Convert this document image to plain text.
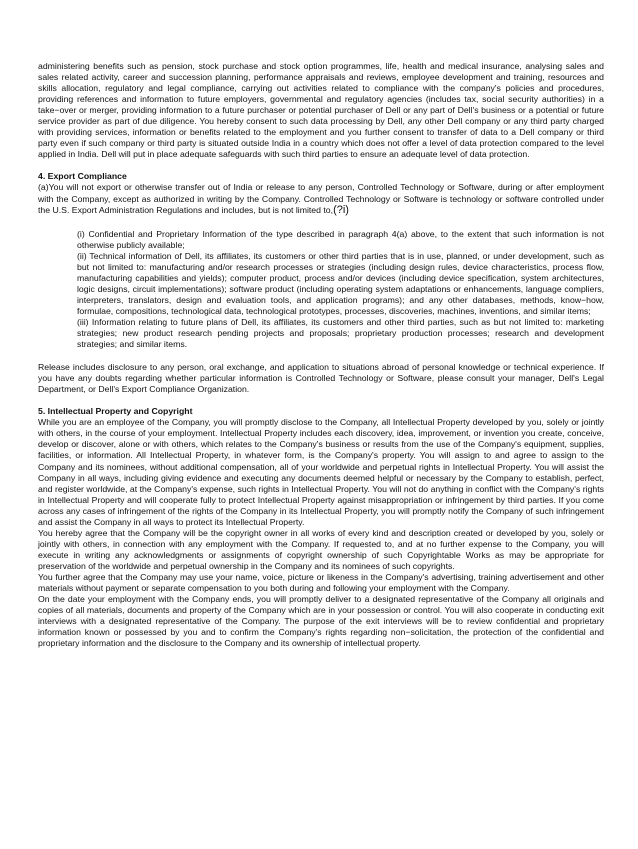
administering benefits such as pension, stock purchase and stock option programmes, life, health and medical insurance, analysing sales and sales related activity, career and succession planning, performance appraisals and reviews, employee development and training, resources and skills allocation, regulatory and legal compliance, carrying out activities related to compliance with the company's policies and procedures, providing references and information to future employers, governmental and regulatory agencies (includes tax, social security authorities) in a take−over or merger, providing information to a future purchaser or potential purchaser of Dell or any part of Dell's business or a potential or future service provider as part of due diligence. You hereby consent to such data processing by Dell, any other Dell company or any third party charged with providing services, information or benefits related to the employment and you further consent to transfer of data to a Dell company or third party even if such company or third party is situated outside India in a country which does not offer a level of data protection compared to the level applied in India. Dell will put in place adequate safeguards with such third parties to ensure an adequate level of data protection.

4. Export Compliance

(a)You will not export or otherwise transfer out of India or release to any person, Controlled Technology or Software, during or after employment with the Company, except as authorized in writing by the Company. Controlled Technology or Software is technology or software controlled under the U.S. Export Administration Regulations and includes, but is not limited to,(?i)

(i) Confidential and Proprietary Information of the type described in paragraph 4(a) above, to the extent that such information is not otherwise publicly available;

(ii) Technical information of Dell, its affiliates, its customers or other third parties that is in use, planned, or under development, such as but not limited to: manufacturing and/or research processes or strategies (including design rules, device characteristics, process flow, manufacturing capabilities and yields); computer product, process and/or devices (including device specification, system architectures, logic designs, circuit implementations); software product (including operating system adaptations or enhancements, language compliers, interpreters, translators, design and evaluation tools, and application programs); and any other databases, methods, know−how, formulae, compositions, technological data, technological prototypes, processes, discoveries, machines, inventions, and similar items;

(iii) Information relating to future plans of Dell, its affiliates, its customers and other third parties, such as but not limited to: marketing strategies; new product research pending projects and proposals; proprietary production processes; research and development strategies; and similar items.

Release includes disclosure to any person, oral exchange, and application to situations abroad of personal knowledge or technical experience. If you have any doubts regarding whether particular information is Controlled Technology or Software, please consult your manager, Dell's Legal Department, or Dell's Export Compliance Organization.

5. Intellectual Property and Copyright

While you are an employee of the Company, you will promptly disclose to the Company, all Intellectual Property developed by you, solely or jointly with others, in the course of your employment. Intellectual Property includes each discovery, idea, improvement, or invention you create, conceive, develop or discover, alone or with others, which relates to the Company's business or results from the use of the Company's equipment, supplies, facilities, or information. All Intellectual Property, in whatever form, is the Company's property. You will assign to and agree to assign to the Company and its nominees, without additional compensation, all of your worldwide and perpetual rights in Intellectual Property. You will assist the Company in all ways, including giving evidence and executing any documents deemed helpful or necessary by the Company to establish, perfect, and register worldwide, at the Company's expense, such rights in Intellectual Property. You will not do anything in conflict with the Company's rights in Intellectual Property and will cooperate fully to protect Intellectual Property against misappropriation or infringement by third parties. If you come across any cases of infringement of the rights of the Company in its Intellectual Property, you will promptly notify the Company of such infringement and assist the Company in all ways to protect its Intellectual Property.

You hereby agree that the Company will be the copyright owner in all works of every kind and description created or developed by you, solely or jointly with others, in connection with any employment with the Company. If requested to, and at no further expense to the Company, you will execute in writing any acknowledgments or assignments of copyright ownership of such Copyrightable Works as may be appropriate for preservation of the worldwide and perpetual ownership in the Company and its nominees of such copyrights.

You further agree that the Company may use your name, voice, picture or likeness in the Company's advertising, training advertisement and other materials without payment or separate compensation to you both during and following your employment with the Company.

On the date your employment with the Company ends, you will promptly deliver to a designated representative of the Company all originals and copies of all materials, documents and property of the Company which are in your possession or control. You will also cooperate in conducting exit interviews with a designated representative of the Company. The purpose of the exit interviews will be to review confidential and proprietary information known or possessed by you and to confirm the Company's rights regarding non−solicitation, the protection of the confidential and proprietary information and the disclosure to the Company and its ownership of intellectual property.
